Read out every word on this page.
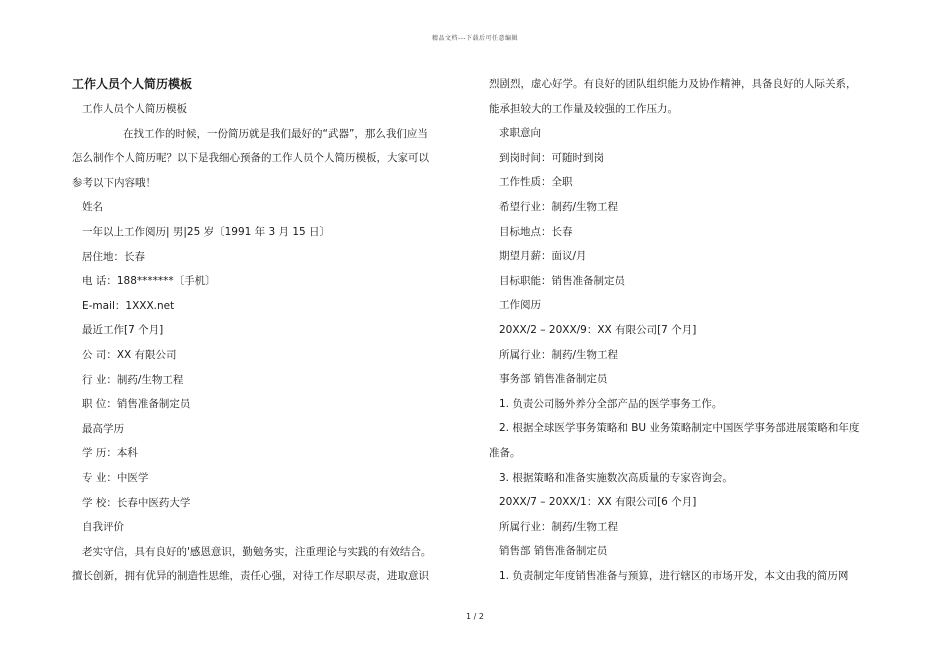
精品文档---下载后可任意编辑
工作人员个人简历模板
工作人员个人简历模板
在找工作的时候，一份简历就是我们最好的“武器”，那么我们应当
怎么制作个人简历呢？以下是我细心预备的工作人员个人简历模板，大家可以
参考以下内容哦！
姓名
一年以上工作阅历| 男|25 岁〔1991 年 3 月 15 日〕
居住地：长春
电 话：188*******〔手机〕
E-mail：1XXX.net
最近工作[7 个月]
公 司：XX 有限公司
行 业：制药/生物工程
职 位：销售准备制定员
最高学历
学 历：本科
专 业：中医学
学 校：长春中医药大学
自我评价
老实守信，具有良好的'感恩意识，勤勉务实，注重理论与实践的有效结合。
擅长创新，拥有优异的制造性思维，责任心强，对待工作尽职尽责，进取意识
烈剧烈，虚心好学。有良好的团队组织能力及协作精神，具备良好的人际关系，
能承担较大的工作量及较强的工作压力。
求职意向
到岗时间：可随时到岗
工作性质：全职
希望行业：制药/生物工程
目标地点：长春
期望月薪：面议/月
目标职能：销售准备制定员
工作阅历
20XX/2 – 20XX/9：XX 有限公司[7 个月]
所属行业：制药/生物工程
事务部 销售准备制定员
1. 负责公司肠外养分全部产品的医学事务工作。
2. 根据全球医学事务策略和 BU 业务策略制定中国医学事务部进展策略和年度
准备。
3. 根据策略和准备实施数次高质量的专家咨询会。
20XX/7 – 20XX/1：XX 有限公司[6 个月]
所属行业：制药/生物工程
销售部 销售准备制定员
1. 负责制定年度销售准备与预算，进行辖区的市场开发，本文由我的简历网
1 / 2
